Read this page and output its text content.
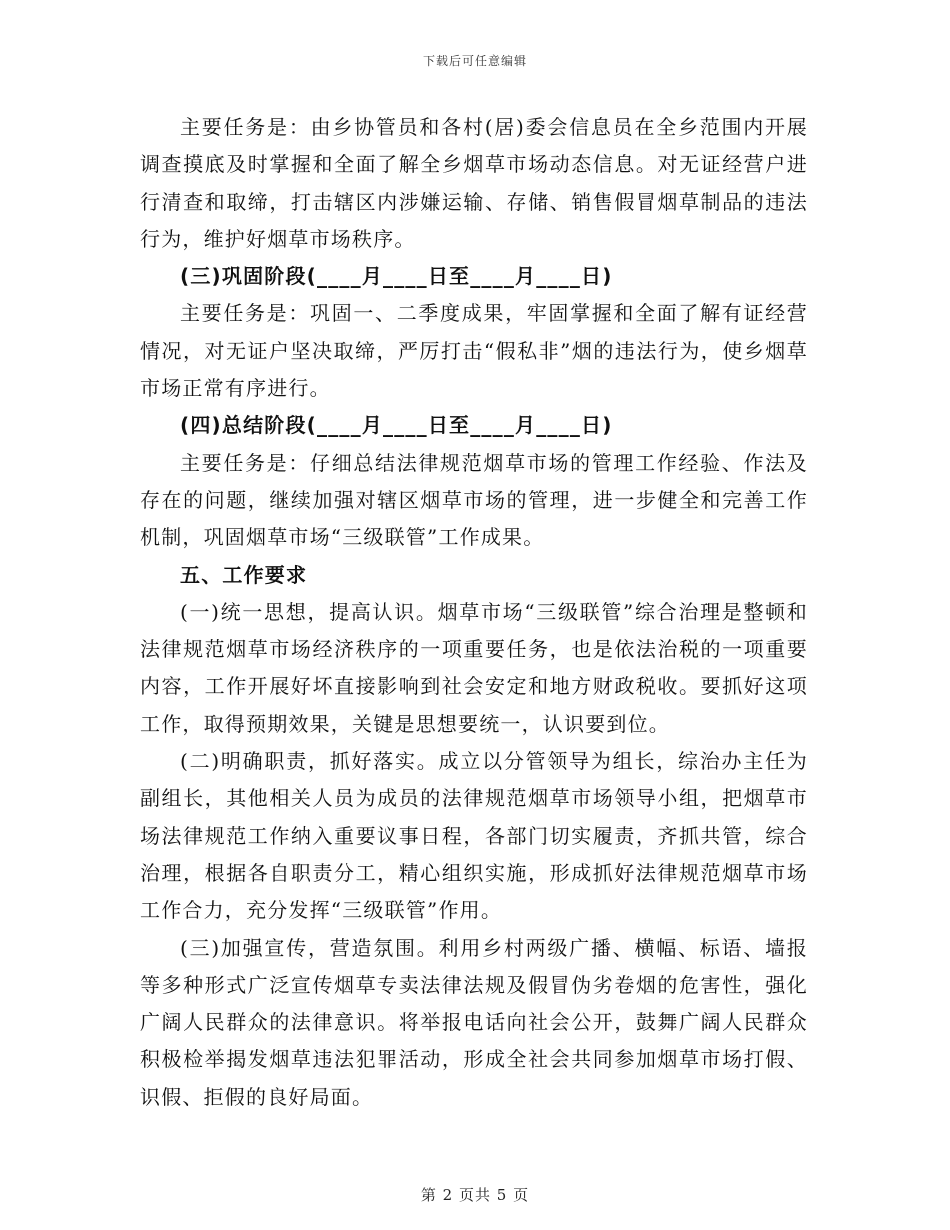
下载后可任意编辑

主要任务是：由乡协管员和各村(居)委会信息员在全乡范围内开展调查摸底及时掌握和全面了解全乡烟草市场动态信息。对无证经营户进行清查和取缔，打击辖区内涉嫌运输、存储、销售假冒烟草制品的违法行为，维护好烟草市场秩序。

(三)巩固阶段(____月____日至____月____日)

主要任务是：巩固一、二季度成果，牢固掌握和全面了解有证经营情况，对无证户坚决取缔，严厉打击“假私非”烟的违法行为，使乡烟草市场正常有序进行。

(四)总结阶段(____月____日至____月____日)

主要任务是：仔细总结法律规范烟草市场的管理工作经验、作法及存在的问题，继续加强对辖区烟草市场的管理，进一步健全和完善工作机制，巩固烟草市场“三级联管”工作成果。

五、工作要求

(一)统一思想，提高认识。烟草市场“三级联管”综合治理是整顿和法律规范烟草市场经济秩序的一项重要任务，也是依法治税的一项重要内容，工作开展好坏直接影响到社会安定和地方财政税收。要抓好这项工作，取得预期效果，关键是思想要统一，认识要到位。

(二)明确职责，抓好落实。成立以分管领导为组长，综治办主任为副组长，其他相关人员为成员的法律规范烟草市场领导小组，把烟草市场法律规范工作纳入重要议事日程，各部门切实履责，齐抓共管，综合治理，根据各自职责分工，精心组织实施，形成抓好法律规范烟草市场工作合力，充分发挥“三级联管”作用。

(三)加强宣传，营造氛围。利用乡村两级广播、横幅、标语、墙报等多种形式广泛宣传烟草专卖法律法规及假冒伪劣卷烟的危害性，强化广阔人民群众的法律意识。将举报电话向社会公开，鼓舞广阔人民群众积极检举揭发烟草违法犯罪活动，形成全社会共同参加烟草市场打假、识假、拒假的良好局面。

第 2 页共 5 页
